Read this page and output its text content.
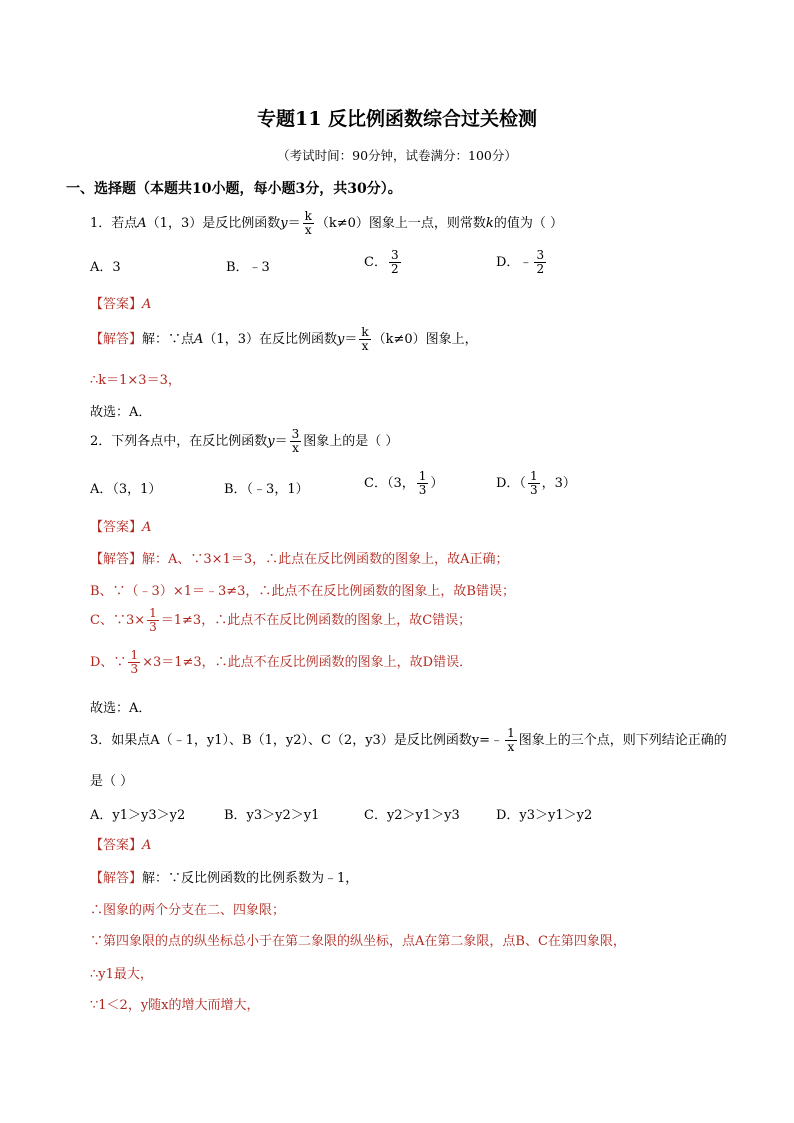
专题11 反比例函数综合过关检测
（考试时间：90分钟，试卷满分：100分）
一、选择题（本题共10小题，每小题3分，共30分）。
1．若点A（1，3）是反比例函数$y= \frac{k}{x} (k\ne 0)$图象上一点，则常数k的值为（ ）
A．3	B．﹣3	C． $\frac{3}{2}$	D．﹣ $\frac{3}{2}$
【答案】A
【解答】解：∵点A（1，3）在反比例函数$y= \frac{k}{x} (k\ne 0)$图象上，
∴k＝1×3＝3，
故选：A．
2．下列各点中，在反比例函数$y= \frac{3}{x}$ 图象上的是（ ）
A．（3，1）	B．（﹣3，1）	C．（3， $\frac{1}{3}$ ）	D．（ $\frac{1}{3}$ ，3）
【答案】A
【解答】解：A、∵3×1＝3，∴此点在反比例函数的图象上，故A正确；
B、∵（﹣3）×1＝﹣3≠3，∴此点不在反比例函数的图象上，故B错误；
C、∵3× $\frac{1}{3} =1\ne 3$，∴此点不在反比例函数的图象上，故C错误；
D、∵ $\frac{1}{3} \times 3=1\ne 3$，∴此点不在反比例函数的图象上，故D错误．
故选：A．
3．如果点A（﹣1，y1）、B（1，y2）、C（2，y3）是反比例函数y=﹣ $\frac{1}{x}$ 图象上的三个点，则下列结论正确的
是（ ）
A．y1＞y3＞y2	B．y3＞y2＞y1	C．y2＞y1＞y3	D．y3＞y1＞y2
【答案】A
【解答】解：∵反比例函数的比例系数为﹣1，
∴图象的两个分支在二、四象限；
∵第四象限的点的纵坐标总小于在第二象限的纵坐标，点A在第二象限，点B、C在第四象限，
∴y1最大，
∵1＜2，y随x的增大而增大，
